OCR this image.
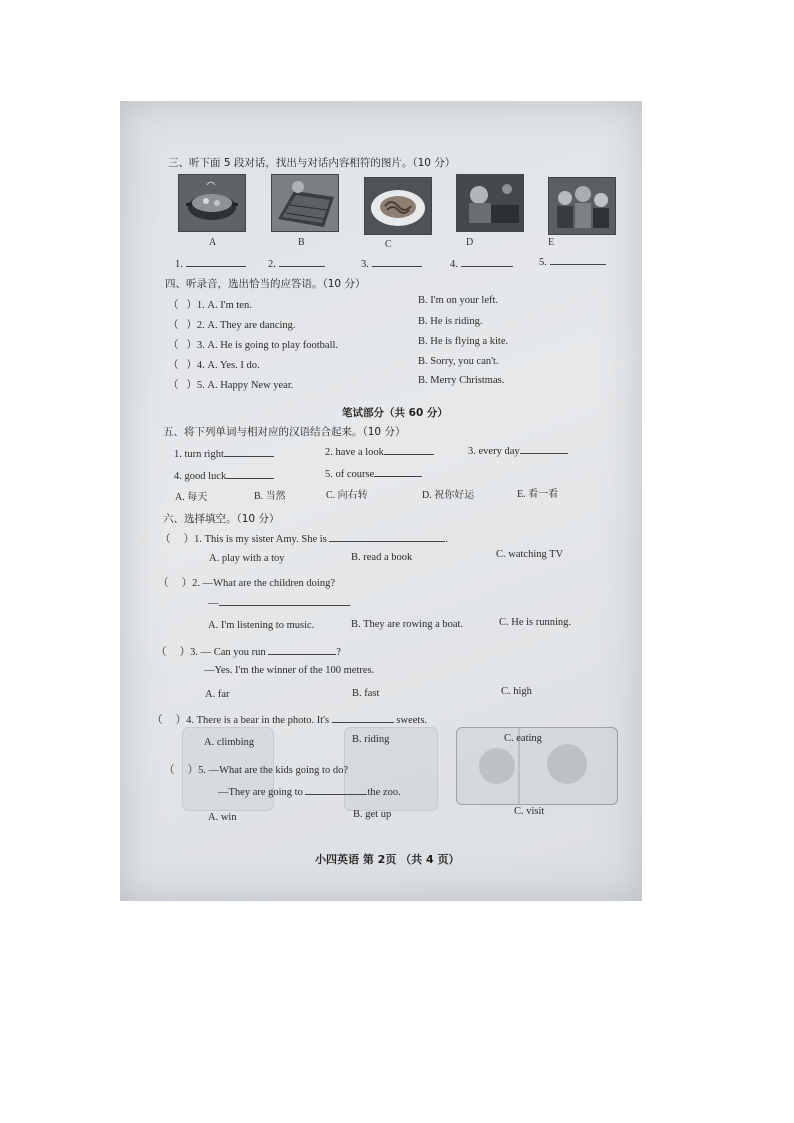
三、听下面 5 段对话，找出与对话内容相符的图片。（10 分）
A	B	C	D	E
1.	2.	3.	4.	5.
四、听录音，选出恰当的应答语。（10 分）
（ ）1. A. I'm ten.	B. I'm on your left.
（ ）2. A. They are dancing.	B. He is riding.
（ ）3. A. He is going to play football.	B. He is flying a kite.
（ ）4. A. Yes. I do.	B. Sorry, you can't.
（ ）5. A. Happy New year.	B. Merry Christmas.
笔试部分（共 60 分）
五、将下列单词与相对应的汉语结合起来。（10 分）
1. turn right	2. have a look	3. every day
4. good luck	5. of course
A. 每天	B. 当然	C. 向右转	D. 祝你好运	E. 看一看
六、选择填空。（10 分）
（ ）1. This is my sister Amy. She is	.
A. play with a toy	B. read a book	C. watching TV
（ ）2. —What are the children doing?
—	.
A. I'm listening to music.	B. They are rowing a boat.	C. He is running.
（ ）3. — Can you run	?
—Yes. I'm the winner of the 100 metres.
A. far	B. fast	C. high
（ ）4. There is a bear in the photo. It's	sweets.
A. climbing	B. riding	C. eating
（ ）5. —What are the kids going to do?
—They are going to	the zoo.
A. win	B. get up	C. visit
小四英语 第 2页 （共 4 页）
